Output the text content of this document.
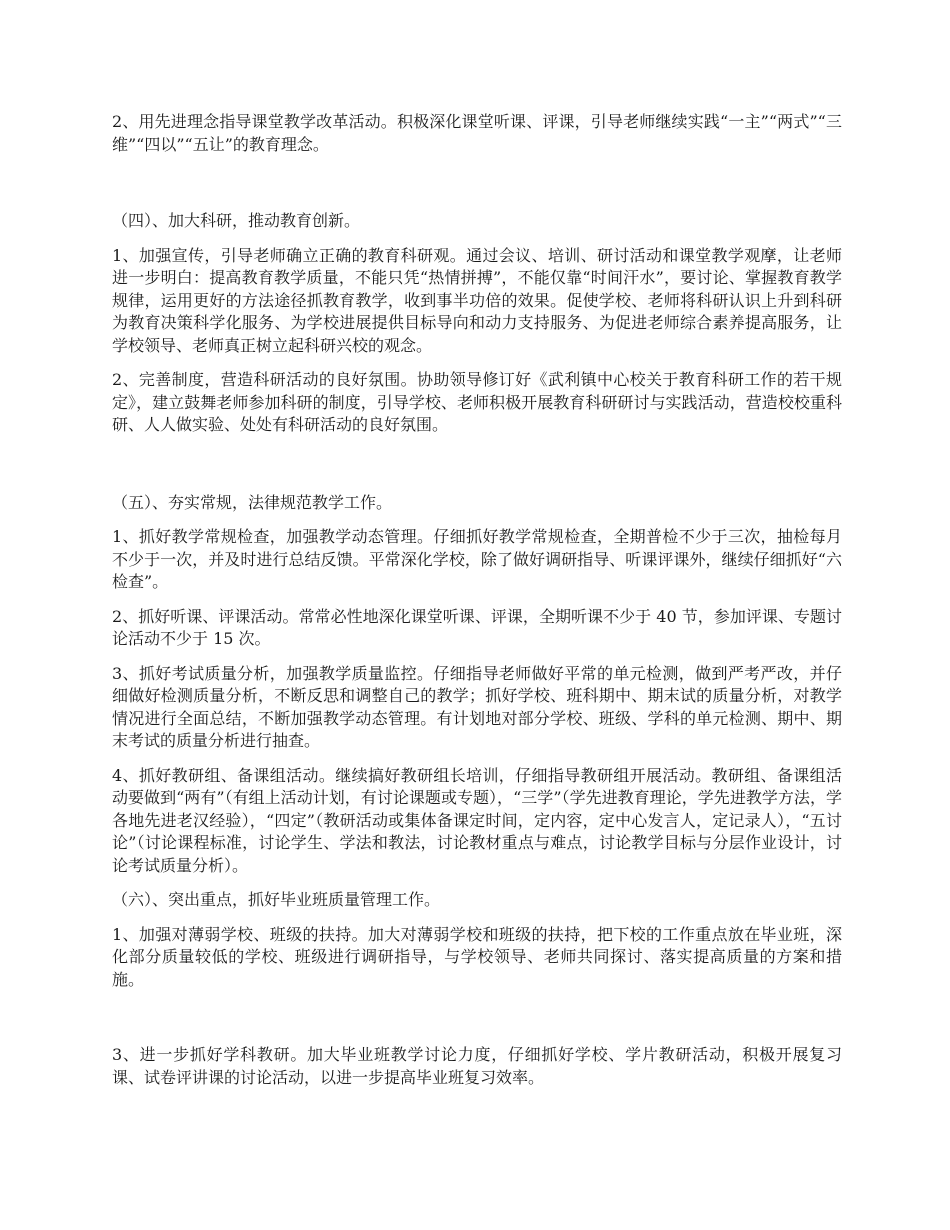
2、用先进理念指导课堂教学改革活动。积极深化课堂听课、评课，引导老师继续实践“一主”“两式”“三维”“四以”“五让”的教育理念。

（四）、加大科研，推动教育创新。

1、加强宣传，引导老师确立正确的教育科研观。通过会议、培训、研讨活动和课堂教学观摩，让老师进一步明白：提高教育教学质量，不能只凭“热情拼搏”，不能仅靠“时间汗水”，要讨论、掌握教育教学规律，运用更好的方法途径抓教育教学，收到事半功倍的效果。促使学校、老师将科研认识上升到科研为教育决策科学化服务、为学校进展提供目标导向和动力支持服务、为促进老师综合素养提高服务，让学校领导、老师真正树立起科研兴校的观念。

2、完善制度，营造科研活动的良好氛围。协助领导修订好《武利镇中心校关于教育科研工作的若干规定》，建立鼓舞老师参加科研的制度，引导学校、老师积极开展教育科研研讨与实践活动，营造校校重科研、人人做实验、处处有科研活动的良好氛围。

（五）、夯实常规，法律规范教学工作。

1、抓好教学常规检查，加强教学动态管理。仔细抓好教学常规检查，全期普检不少于三次，抽检每月不少于一次，并及时进行总结反馈。平常深化学校，除了做好调研指导、听课评课外，继续仔细抓好“六检查”。

2、抓好听课、评课活动。常常必性地深化课堂听课、评课，全期听课不少于 40 节，参加评课、专题讨论活动不少于 15 次。

3、抓好考试质量分析，加强教学质量监控。仔细指导老师做好平常的单元检测，做到严考严改，并仔细做好检测质量分析，不断反思和调整自己的教学；抓好学校、班科期中、期末试的质量分析，对教学情况进行全面总结，不断加强教学动态管理。有计划地对部分学校、班级、学科的单元检测、期中、期末考试的质量分析进行抽查。

4、抓好教研组、备课组活动。继续搞好教研组长培训，仔细指导教研组开展活动。教研组、备课组活动要做到“两有”（有组上活动计划，有讨论课题或专题），“三学”（学先进教育理论，学先进教学方法，学各地先进老汉经验），“四定”（教研活动或集体备课定时间，定内容，定中心发言人，定记录人），“五讨论”（讨论课程标准，讨论学生、学法和教法，讨论教材重点与难点，讨论教学目标与分层作业设计，讨论考试质量分析）。

（六）、突出重点，抓好毕业班质量管理工作。

1、加强对薄弱学校、班级的扶持。加大对薄弱学校和班级的扶持，把下校的工作重点放在毕业班，深化部分质量较低的学校、班级进行调研指导，与学校领导、老师共同探讨、落实提高质量的方案和措施。

3、进一步抓好学科教研。加大毕业班教学讨论力度，仔细抓好学校、学片教研活动，积极开展复习课、试卷评讲课的讨论活动，以进一步提高毕业班复习效率。
